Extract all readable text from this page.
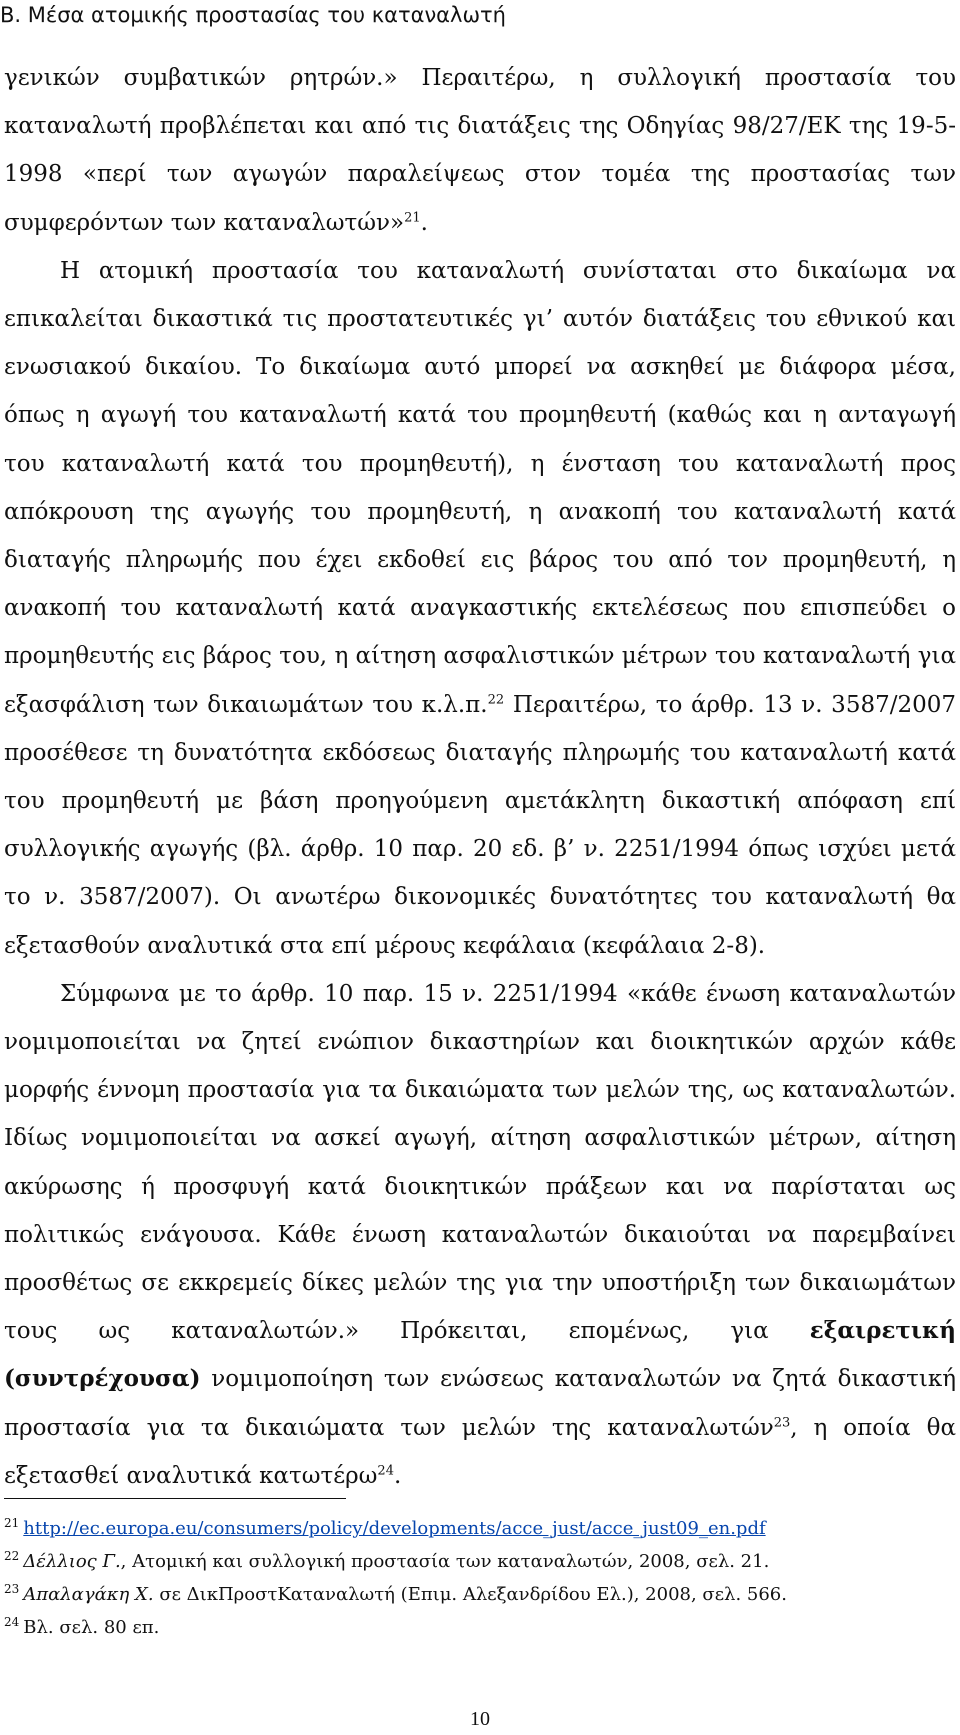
Β. Μέσα ατομικής προστασίας του καταναλωτή

γενικών συμβατικών ρητρών.» Περαιτέρω, η συλλογική προστασία του καταναλωτή προβλέπεται και από τις διατάξεις της Οδηγίας 98/27/ΕΚ της 19-5-1998 «περί των αγωγών παραλείψεως στον τομέα της προστασίας των συμφερόντων των καταναλωτών»$^{21}$.

Η ατομική προστασία του καταναλωτή συνίσταται στο δικαίωμα να επικαλείται δικαστικά τις προστατευτικές γι’ αυτόν διατάξεις του εθνικού και ενωσιακού δικαίου. Το δικαίωμα αυτό μπορεί να ασκηθεί με διάφορα μέσα, όπως η αγωγή του καταναλωτή κατά του προμηθευτή (καθώς και η ανταγωγή του καταναλωτή κατά του προμηθευτή), η ένσταση του καταναλωτή προς απόκρουση της αγωγής του προμηθευτή, η ανακοπή του καταναλωτή κατά διαταγής πληρωμής που έχει εκδοθεί εις βάρος του από τον προμηθευτή, η ανακοπή του καταναλωτή κατά αναγκαστικής εκτελέσεως που επισπεύδει ο προμηθευτής εις βάρος του, η αίτηση ασφαλιστικών μέτρων του καταναλωτή για εξασφάλιση των δικαιωμάτων του κ.λ.π.$^{22}$ Περαιτέρω, το άρθρ. 13 ν. 3587/2007 προσέθεσε τη δυνατότητα εκδόσεως διαταγής πληρωμής του καταναλωτή κατά του προμηθευτή με βάση προηγούμενη αμετάκλητη δικαστική απόφαση επί συλλογικής αγωγής (βλ. άρθρ. 10 παρ. 20 εδ. β’ ν. 2251/1994 όπως ισχύει μετά το ν. 3587/2007). Οι ανωτέρω δικονομικές δυνατότητες του καταναλωτή θα εξετασθούν αναλυτικά στα επί μέρους κεφάλαια (κεφάλαια 2-8).

Σύμφωνα με το άρθρ. 10 παρ. 15 ν. 2251/1994 «κάθε ένωση καταναλωτών νομιμοποιείται να ζητεί ενώπιον δικαστηρίων και διοικητικών αρχών κάθε μορφής έννομη προστασία για τα δικαιώματα των μελών της, ως καταναλωτών. Ιδίως νομιμοποιείται να ασκεί αγωγή, αίτηση ασφαλιστικών μέτρων, αίτηση ακύρωσης ή προσφυγή κατά διοικητικών πράξεων και να παρίσταται ως πολιτικώς ενάγουσα. Κάθε ένωση καταναλωτών δικαιούται να παρεμβαίνει προσθέτως σε εκκρεμείς δίκες μελών της για την υποστήριξη των δικαιωμάτων τους ως καταναλωτών.» Πρόκειται, επομένως, για εξαιρετική (συντρέχουσα) νομιμοποίηση των ενώσεως καταναλωτών να ζητά δικαστική προστασία για τα δικαιώματα των μελών της καταναλωτών$^{23}$, η οποία θα εξετασθεί αναλυτικά κατωτέρω$^{24}$.

$^{21}$ http://ec.europa.eu/consumers/policy/developments/acce_just/acce_just09_en.pdf
$^{22}$ Δέλλιος Γ., Ατομική και συλλογική προστασία των καταναλωτών, 2008, σελ. 21.
$^{23}$ Απαλαγάκη Χ. σε ΔικΠροστΚαταναλωτή (Επιμ. Αλεξανδρίδου Ελ.), 2008, σελ. 566.
$^{24}$ Βλ. σελ. 80 επ.
10
